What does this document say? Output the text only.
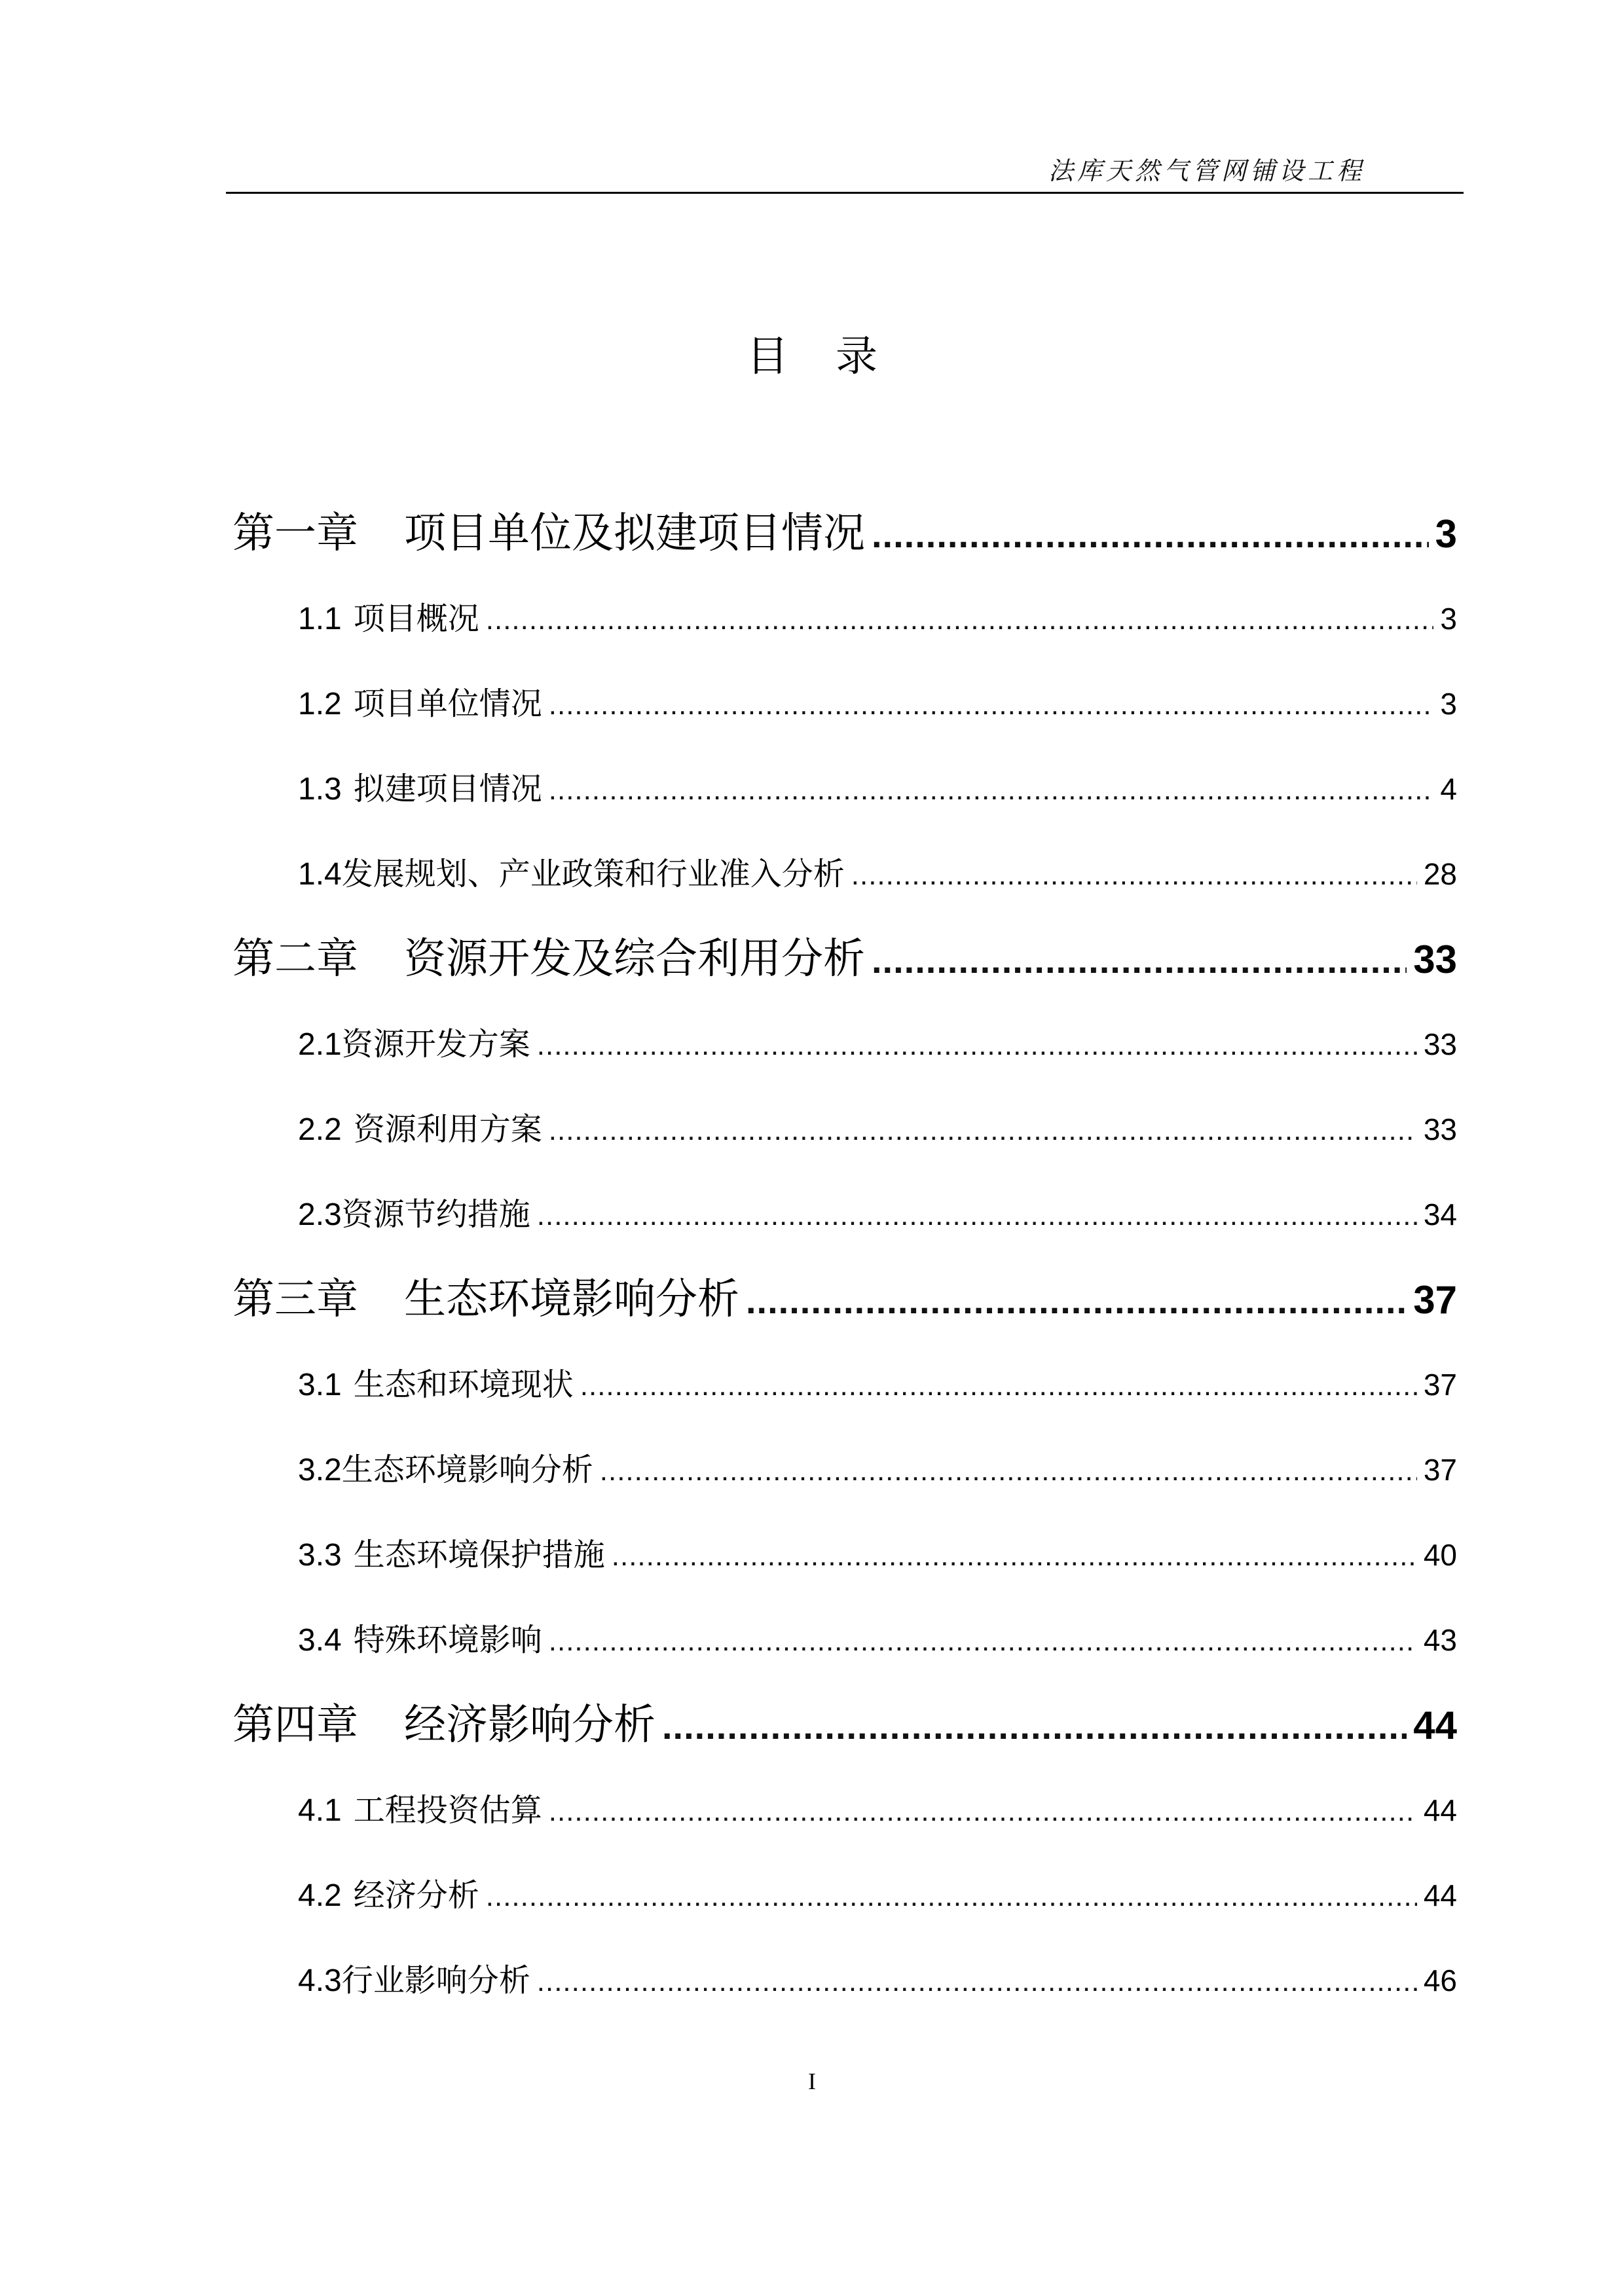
法库天然气管网铺设工程
目录
第一章 项目单位及拟建项目情况 .....	3
1.1 项目概况 .....	3
1.2 项目单位情况 .....	3
1.3 拟建项目情况 .....	4
1.4 发展规划、产业政策和行业准入分析 .....	28
第二章 资源开发及综合利用分析 .....	33
2.1 资源开发方案 .....	33
2.2 资源利用方案 .....	33
2.3 资源节约措施 .....	34
第三章 生态环境影响分析 .....	37
3.1 生态和环境现状 .....	37
3.2 生态环境影响分析 .....	37
3.3 生态环境保护措施 .....	40
3.4 特殊环境影响 .....	43
第四章 经济影响分析 .....	44
4.1 工程投资估算 .....	44
4.2 经济分析 .....	44
4.3 行业影响分析 .....	46
I
